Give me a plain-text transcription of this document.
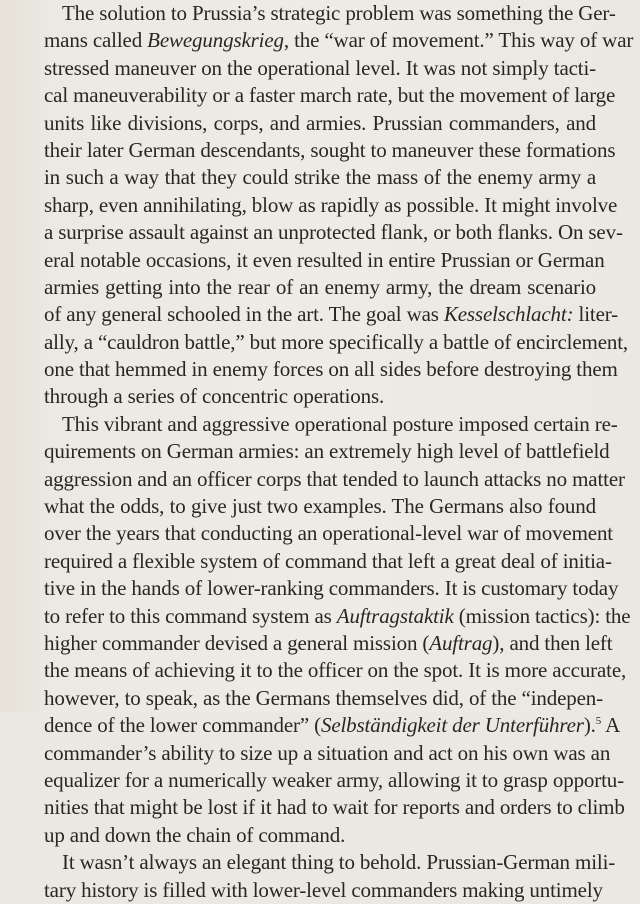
The solution to Prussia’s strategic problem was something the Ger-
mans called Bewegungskrieg, the “war of movement.” This way of war
stressed maneuver on the operational level. It was not simply tacti-
cal maneuverability or a faster march rate, but the movement of large
units like divisions, corps, and armies. Prussian commanders, and
their later German descendants, sought to maneuver these formations
in such a way that they could strike the mass of the enemy army a
sharp, even annihilating, blow as rapidly as possible. It might involve
a surprise assault against an unprotected flank, or both flanks. On sev-
eral notable occasions, it even resulted in entire Prussian or German
armies getting into the rear of an enemy army, the dream scenario
of any general schooled in the art. The goal was Kesselschlacht: liter-
ally, a “cauldron battle,” but more specifically a battle of encirclement,
one that hemmed in enemy forces on all sides before destroying them
through a series of concentric operations.
This vibrant and aggressive operational posture imposed certain re-
quirements on German armies: an extremely high level of battlefield
aggression and an officer corps that tended to launch attacks no matter
what the odds, to give just two examples. The Germans also found
over the years that conducting an operational-level war of movement
required a flexible system of command that left a great deal of initia-
tive in the hands of lower-ranking commanders. It is customary today
to refer to this command system as Auftragstaktik (mission tactics): the
higher commander devised a general mission (Auftrag), and then left
the means of achieving it to the officer on the spot. It is more accurate,
however, to speak, as the Germans themselves did, of the “indepen-
dence of the lower commander” (Selbständigkeit der Unterführer).$^5$ A
commander’s ability to size up a situation and act on his own was an
equalizer for a numerically weaker army, allowing it to grasp opportu-
nities that might be lost if it had to wait for reports and orders to climb
up and down the chain of command.
It wasn’t always an elegant thing to behold. Prussian-German mili-
tary history is filled with lower-level commanders making untimely
